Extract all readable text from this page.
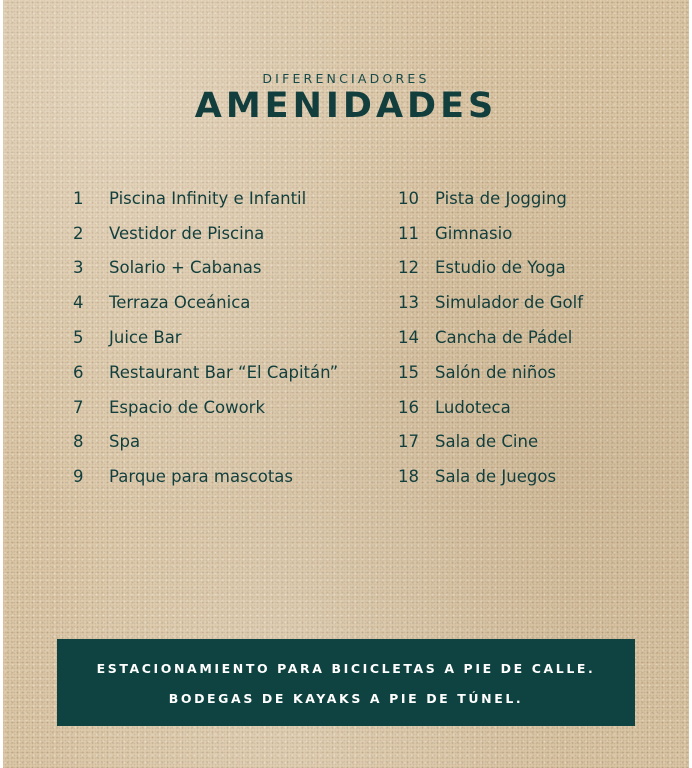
DIFERENCIADORES
AMENIDADES
1	Piscina Infinity e Infantil
2	Vestidor de Piscina
3	Solario + Cabanas
4	Terraza Oceánica
5	Juice Bar
6	Restaurant Bar “El Capitán”
7	Espacio de Cowork
8	Spa
9	Parque para mascotas
10 Pista de Jogging
11 Gimnasio
12 Estudio de Yoga
13 Simulador de Golf
14 Cancha de Pádel
15 Salón de niños
16 Ludoteca
17 Sala de Cine
18 Sala de Juegos
ESTACIONAMIENTO PARA BICICLETAS A PIE DE CALLE.
BODEGAS DE KAYAKS A PIE DE TÚNEL.
